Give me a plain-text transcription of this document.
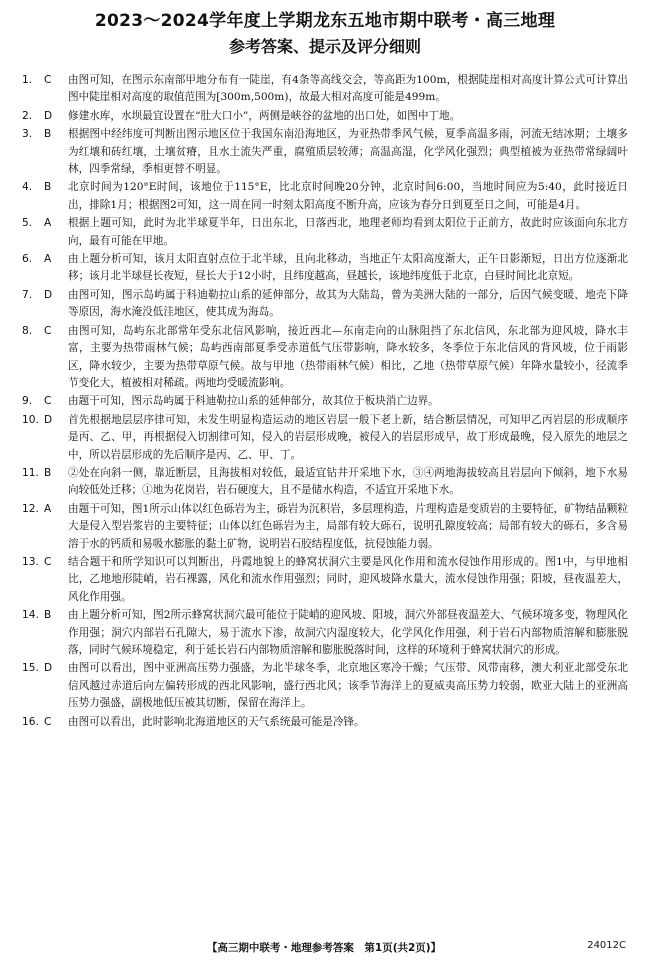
2023～2024学年度上学期龙东五地市期中联考・高三地理
参考答案、提示及评分细则
1.	C	由图可知，在图示东南部甲地分布有一陡崖，有4条等高线交会，等高距为100m，根据陡崖相对高度计算公式可计算出图中陡崖相对高度的取值范围为[300m,500m)，故最大相对高度可能是499m。
2.	D	修建水库，水坝最宜设置在“肚大口小”，两侧是峡谷的盆地的出口处，如图中丁地。
3.	B	根据图中经纬度可判断出图示地区位于我国东南沿海地区，为亚热带季风气候，夏季高温多雨，河流无结冰期；土壤多为红壤和砖红壤，土壤贫瘠，且水土流失严重，腐殖质层较薄；高温高湿，化学风化强烈；典型植被为亚热带常绿阔叶林，四季常绿，季相更替不明显。
4.	B	北京时间为120°E时间，该地位于115°E，比北京时间晚20分钟，北京时间6:00，当地时间应为5:40，此时接近日出，排除1月；根据图2可知，这一周在同一时刻太阳高度不断升高，应该为春分日到夏至日之间，可能是4月。
5.	A	根据上题可知，此时为北半球夏半年，日出东北，日落西北，地理老师均看到太阳位于正前方，故此时应该面向东北方向，最有可能在甲地。
6.	A	由上题分析可知，该月太阳直射点位于北半球，且向北移动，当地正午太阳高度渐大，正午日影渐短，日出方位逐渐北移；该月北半球昼长夜短，昼长大于12小时，且纬度越高，昼越长，该地纬度低于北京，白昼时间比北京短。
7.	D	由图可知，图示岛屿属于科迪勒拉山系的延伸部分，故其为大陆岛，曾为美洲大陆的一部分，后因气候变暖、地壳下降等原因，海水淹没低洼地区，使其成为海岛。
8.	C	由图可知，岛屿东北部常年受东北信风影响，接近西北—东南走向的山脉阻挡了东北信风，东北部为迎风坡，降水丰富，主要为热带雨林气候；岛屿西南部夏季受赤道低气压带影响，降水较多，冬季位于东北信风的背风坡，位于雨影区，降水较少，主要为热带草原气候。故与甲地（热带雨林气候）相比，乙地（热带草原气候）年降水量较小，径流季节变化大，植被相对稀疏。两地均受暖流影响。
9.	C	由题干可知，图示岛屿属于科迪勒拉山系的延伸部分，故其位于板块消亡边界。
10. D	首先根据地层层序律可知，未发生明显构造运动的地区岩层一般下老上新，结合断层情况，可知甲乙丙岩层的形成顺序是丙、乙、甲，再根据侵入切割律可知，侵入的岩层形成晚，被侵入的岩层形成早，故丁形成最晚，侵入原先的地层之中，所以岩层形成的先后顺序是丙、乙、甲、丁。
11. B	②处在向斜一侧，靠近断层，且海拔相对较低，最适宜钻井开采地下水，③④两地海拔较高且岩层向下倾斜，地下水易向较低处迁移；①地为花岗岩，岩石硬度大，且不是储水构造，不适宜开采地下水。
12. A	由题干可知，图1所示山体以红色砾岩为主，砾岩为沉积岩，多层理构造，片理构造是变质岩的主要特征，矿物结晶颗粒大是侵入型岩浆岩的主要特征；山体以红色砾岩为主，局部有较大砾石，说明孔隙度较高；局部有较大的砾石，多含易溶于水的钙质和易吸水膨胀的黏土矿物，说明岩石胶结程度低，抗侵蚀能力弱。
13. C	结合题干和所学知识可以判断出，丹霞地貌上的蜂窝状洞穴主要是风化作用和流水侵蚀作用形成的。图1中，与甲地相比，乙地地形陡峭，岩石裸露，风化和流水作用强烈；同时，迎风坡降水量大，流水侵蚀作用强；阳坡，昼夜温差大，风化作用强。
14. B	由上题分析可知，图2所示蜂窝状洞穴最可能位于陡峭的迎风坡、阳坡，洞穴外部昼夜温差大、气候环境多变，物理风化作用强；洞穴内部岩石孔隙大，易于流水下渗，故洞穴内湿度较大，化学风化作用强，利于岩石内部物质溶解和膨胀脱落，同时气候环境稳定，利于延长岩石内部物质溶解和膨胀脱落时间，这样的环境利于蜂窝状洞穴的形成。
15. D	由图可以看出，图中亚洲高压势力强盛，为北半球冬季，北京地区寒冷干燥；气压带、风带南移，澳大利亚北部受东北信风越过赤道后向左偏转形成的西北风影响，盛行西北风；该季节海洋上的夏威夷高压势力较弱，欧亚大陆上的亚洲高压势力强盛，副极地低压被其切断，保留在海洋上。
16. C	由图可以看出，此时影响北海道地区的天气系统最可能是冷锋。
【高三期中联考・地理参考答案　第1页(共2页)】	24012C
